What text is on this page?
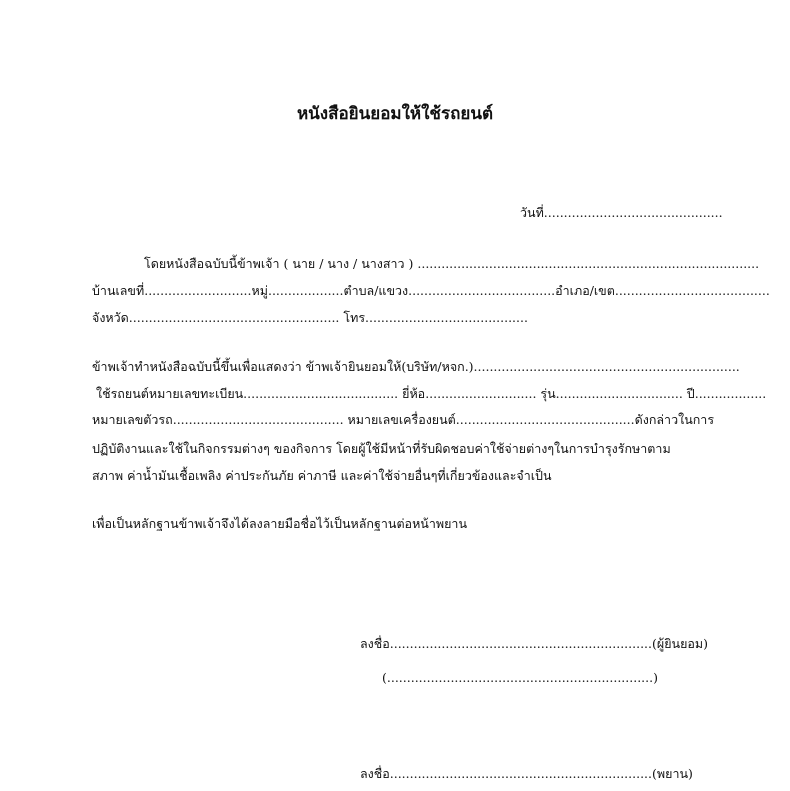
หนังสือยินยอมให้ใช้รถยนต์
วันที่.............................................
โดยหนังสือฉบับนี้ข้าพเจ้า ( นาย / นาง / นางสาว ) ......................................................................................
บ้านเลขที่...........................หมู่...................ตำบล/แขวง.....................................อำเภอ/เขต.......................................
จังหวัด..................................................... โทร.........................................
ข้าพเจ้าทำหนังสือฉบับนี้ขึ้นเพื่อแสดงว่า ข้าพเจ้ายินยอมให้(บริษัท/หจก.)...................................................................
ใช้รถยนต์หมายเลขทะเบียน....................................... ยี่ห้อ............................ รุ่น................................ ปี..................
หมายเลขตัวรถ........................................... หมายเลขเครื่องยนต์.............................................ดังกล่าวในการ
ปฏิบัติงานและใช้ในกิจกรรมต่างๆ ของกิจการ โดยผู้ใช้มีหน้าที่รับผิดชอบค่าใช้จ่ายต่างๆในการบำรุงรักษาตาม
สภาพ ค่าน้ำมันเชื้อเพลิง ค่าประกันภัย ค่าภาษี และค่าใช้จ่ายอื่นๆที่เกี่ยวข้องและจำเป็น
เพื่อเป็นหลักฐานข้าพเจ้าจึงได้ลงลายมือชื่อไว้เป็นหลักฐานต่อหน้าพยาน
ลงชื่อ..................................................................(ผู้ยินยอม)
(...................................................................)
ลงชื่อ..................................................................(พยาน)
